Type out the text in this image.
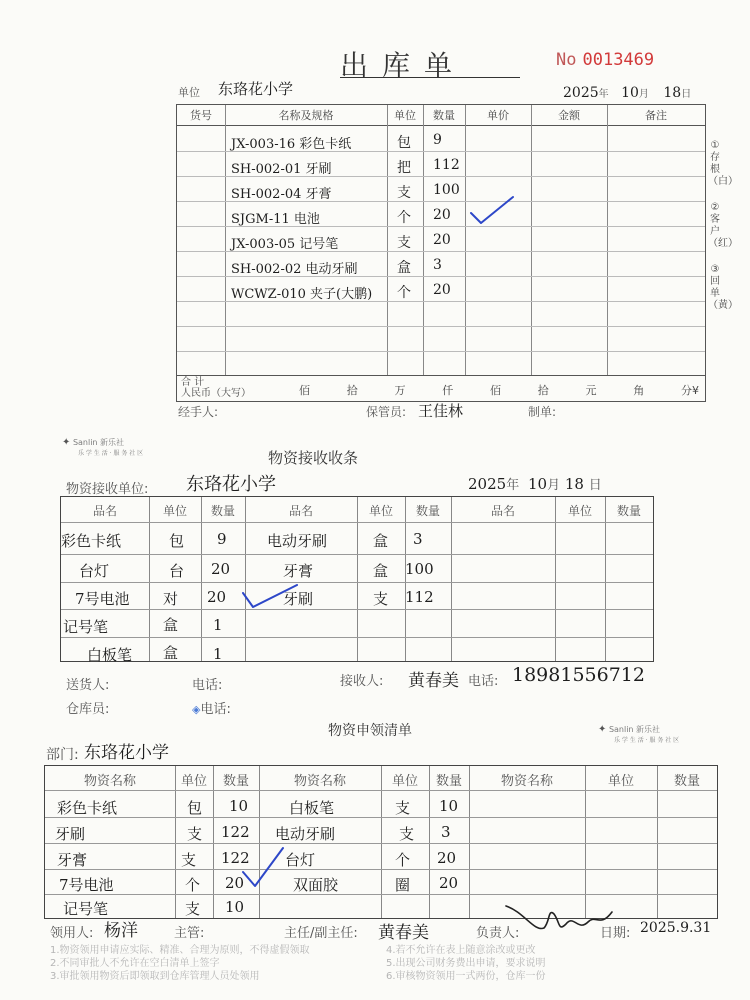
出库单	No 0013469
单位 东珞花小学	2025年 10月 18日
货号	名称及规格	单位	数量	单价	金额	备注
JX-003-16 彩色卡纸	包 9
SH-002-01 牙刷	把 112
SH-002-04 牙膏	支 100
SJGM-11 电池	个 20
JX-003-05 记号笔	支 20
SH-002-02 电动牙刷	盒 3
WCWZ-010 夹子(大鹏) 个 20
合 计
人民币（大写）	佰	拾	万	仟	佰	拾	元	角	分¥
①存根（白）
②客户（红）
③回单（黄）
经手人:	保管员: 王佳林	制单:
✦ Sanlin 新乐社
乐 学 生 活 · 服 务 社 区	物资接收收条
物资接收单位: 东珞花小学	2025年 10月 18 日
品名	单位	数量	品名	单位	数量	品名	单位	数量
彩色卡纸	包 9	电动牙刷	盒 3
台灯	台 20	牙膏	盒 100
7号电池 对 20	牙刷	支 112
记号笔	盒 1
白板笔 盒 1
送货人:	电话:	接收人: 黄春美 电话: 18981556712
仓库员:	◈电话:
✦ Sanlin 新乐社
乐 学 生 活 · 服 务 社 区
物资申领清单
部门: 东珞花小学
物资名称	单位	数量	物资名称	单位	数量	物资名称	单位	数量
彩色卡纸	包 10	白板笔	支 10
牙刷	支 122 电动牙刷	支 3
牙膏	支 122 台灯	个 20
7号电池	个 20	双面胶	圈 20
记号笔	支 10
领用人: 杨洋	主管:	主任/副主任: 黄春美	负责人:	日期: 2025.9.31
1.物资领用申请应实际、精准、合理为原则，不得虚假领取
2.不同审批人不允许在空白清单上签字
3.审批领用物资后即领取到仓库管理人员处领用
4.若不允许在表上随意涂改或更改
5.出现公司财务费出申请，要求说明
6.审核物资领用一式两份，仓库一份
